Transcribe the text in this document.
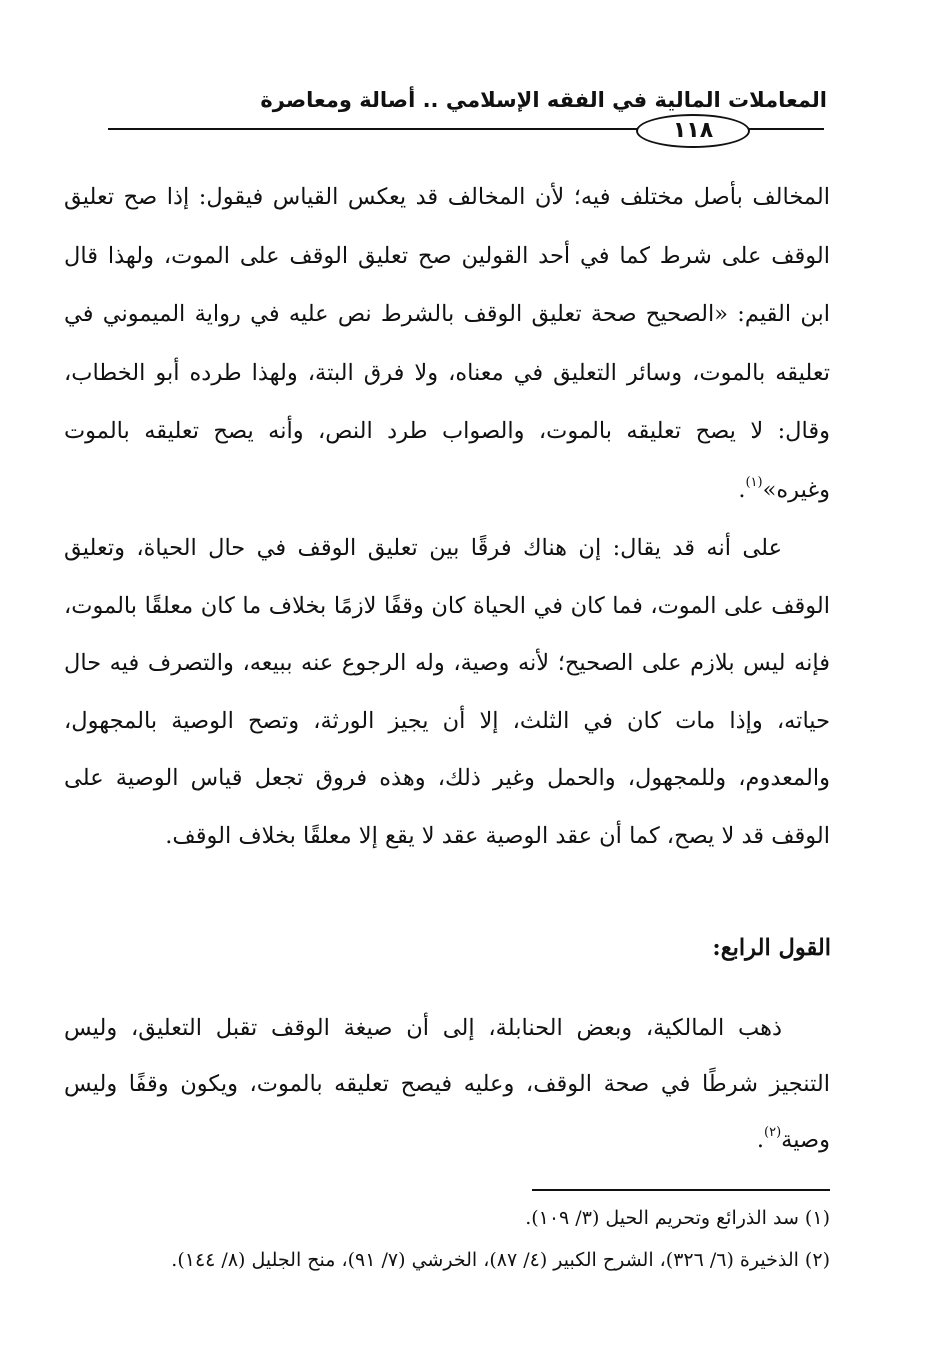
المعاملات المالية في الفقه الإسلامي .. أصالة ومعاصرة
١١٨

المخالف بأصل مختلف فيه؛ لأن المخالف قد يعكس القياس فيقول: إذا صح تعليق الوقف على شرط كما في أحد القولين صح تعليق الوقف على الموت، ولهذا قال ابن القيم: «الصحيح صحة تعليق الوقف بالشرط نص عليه في رواية الميموني في تعليقه بالموت، وسائر التعليق في معناه، ولا فرق البتة، ولهذا طرده أبو الخطاب، وقال: لا يصح تعليقه بالموت، والصواب طرد النص، وأنه يصح تعليقه بالموت وغيره»$^{(١)}$.

على أنه قد يقال: إن هناك فرقًا بين تعليق الوقف في حال الحياة، وتعليق الوقف على الموت، فما كان في الحياة كان وقفًا لازمًا بخلاف ما كان معلقًا بالموت، فإنه ليس بلازم على الصحيح؛ لأنه وصية، وله الرجوع عنه ببيعه، والتصرف فيه حال حياته، وإذا مات كان في الثلث، إلا أن يجيز الورثة، وتصح الوصية بالمجهول، والمعدوم، وللمجهول، والحمل وغير ذلك، وهذه فروق تجعل قياس الوصية على الوقف قد لا يصح، كما أن عقد الوصية عقد لا يقع إلا معلقًا بخلاف الوقف.

القول الرابع:

ذهب المالكية، وبعض الحنابلة، إلى أن صيغة الوقف تقبل التعليق، وليس التنجيز شرطًا في صحة الوقف، وعليه فيصح تعليقه بالموت، ويكون وقفًا وليس وصية$^{(٢)}$.

(١) سد الذرائع وتحريم الحيل (٣/ ١٠٩).
(٢) الذخيرة (٦/ ٣٢٦)، الشرح الكبير (٤/ ٨٧)، الخرشي (٧/ ٩١)، منح الجليل (٨/ ١٤٤).
